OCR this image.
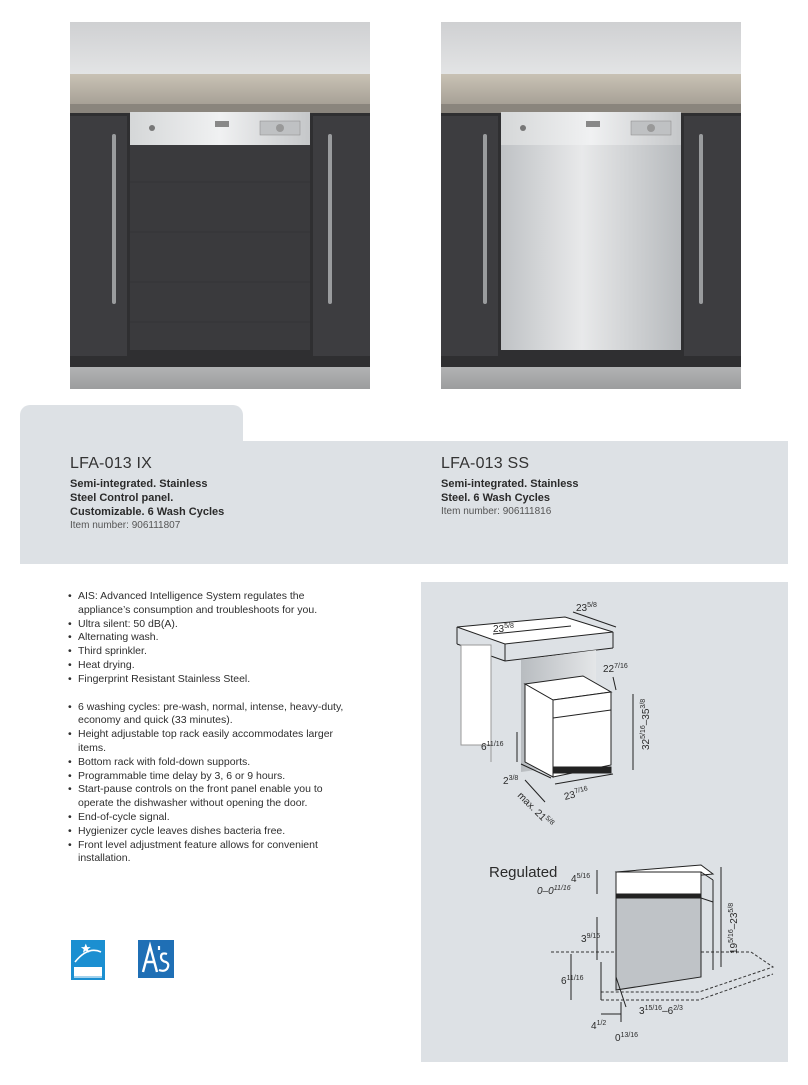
LFA-013 IX

Semi-integrated. Stainless
Steel Control panel.
Customizable. 6 Wash Cycles

Item number: 906111807

LFA-013 SS

Semi-integrated. Stainless
Steel. 6 Wash Cycles

Item number: 906111816

• AIS: Advanced Intelligence System regulates the
appliance’s consumption and troubleshoots for you.
• Ultra silent: 50 dB(A).
• Alternating wash.
• Third sprinkler.
• Heat drying.
• Fingerprint Resistant Stainless Steel.
• 6 washing cycles: pre-wash, normal, intense, heavy-duty,
economy and quick (33 minutes).
• Height adjustable top rack easily accommodates larger
items.
• Bottom rack with fold-down supports.
• Programmable time delay by 3, 6 or 9 hours.
• Start-pause controls on the front panel enable you to
operate the dishwasher without opening the door.
• End-of-cycle signal.
• Hygienizer cycle leaves dishes bacteria free.
• Front level adjustment feature allows for convenient
installation.
$23^{5/8}$
$23^{5/8}$
$22^{7/16}$
$32^{5/16}-35^{3/8}$
$6^{11/16}$
$2^{3/8}$
$23^{7/16}$
max. $21^{5/8}$
Regulated $4^{5/16}$
$0-0^{11/16}$
$19^{5/16}-23^{5/8}$
$3^{9/16}$
$6^{11/16}$
$3^{15/16}-6^{2/3}$
$4^{1/2}$
$0^{13/16}$
